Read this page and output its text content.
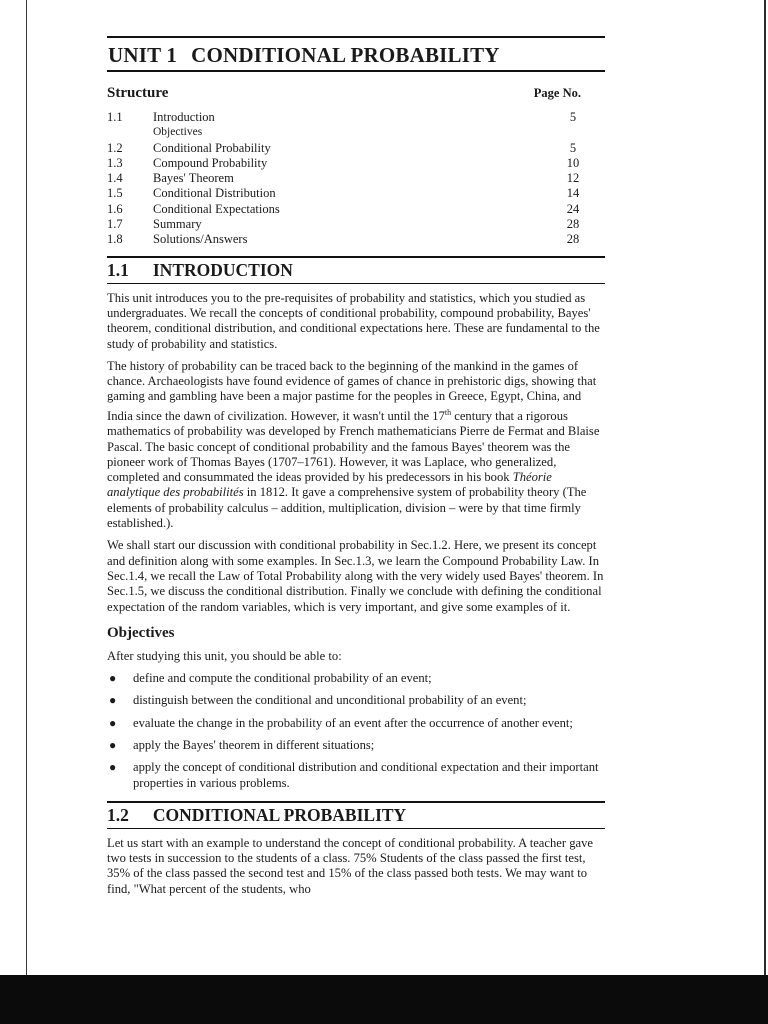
UNIT 1 CONDITIONAL PROBABILITY
Structure	Page No.
1.1	Introduction	5
Objectives
1.2	Conditional Probability	5
1.3	Compound Probability	10
1.4	Bayes' Theorem	12
1.5	Conditional Distribution	14
1.6	Conditional Expectations	24
1.7	Summary	28
1.8	Solutions/Answers	28
1.1 INTRODUCTION

This unit introduces you to the pre-requisites of probability and statistics, which you studied as undergraduates. We recall the concepts of conditional probability, compound probability, Bayes' theorem, conditional distribution, and conditional expectations here. These are fundamental to the study of probability and statistics.

The history of probability can be traced back to the beginning of the mankind in the games of chance. Archaeologists have found evidence of games of chance in prehistoric digs, showing that gaming and gambling have been a major pastime for the peoples in Greece, Egypt, China, and India since the dawn of civilization. However, it wasn't until the 17th century that a rigorous mathematics of probability was developed by French mathematicians Pierre de Fermat and Blaise Pascal. The basic concept of conditional probability and the famous Bayes' theorem was the pioneer work of Thomas Bayes (1707–1761). However, it was Laplace, who generalized, completed and consummated the ideas provided by his predecessors in his book Théorie analytique des probabilités in 1812. It gave a comprehensive system of probability theory (The elements of probability calculus – addition, multiplication, division – were by that time firmly established.).

We shall start our discussion with conditional probability in Sec.1.2. Here, we present its concept and definition along with some examples. In Sec.1.3, we learn the Compound Probability Law. In Sec.1.4, we recall the Law of Total Probability along with the very widely used Bayes' theorem. In Sec.1.5, we discuss the conditional distribution. Finally we conclude with defining the conditional expectation of the random variables, which is very important, and give some examples of it.

Objectives

After studying this unit, you should be able to:

● define and compute the conditional probability of an event;
● distinguish between the conditional and unconditional probability of an event;
● evaluate the change in the probability of an event after the occurrence of another event;
● apply the Bayes' theorem in different situations;
● apply the concept of conditional distribution and conditional expectation and their important properties in various problems.
1.2 CONDITIONAL PROBABILITY

Let us start with an example to understand the concept of conditional probability. A teacher gave two tests in succession to the students of a class. 75% Students of the class passed the first test, 35% of the class passed the second test and 15% of the class passed both tests. We may want to find, "What percent of the students, who
